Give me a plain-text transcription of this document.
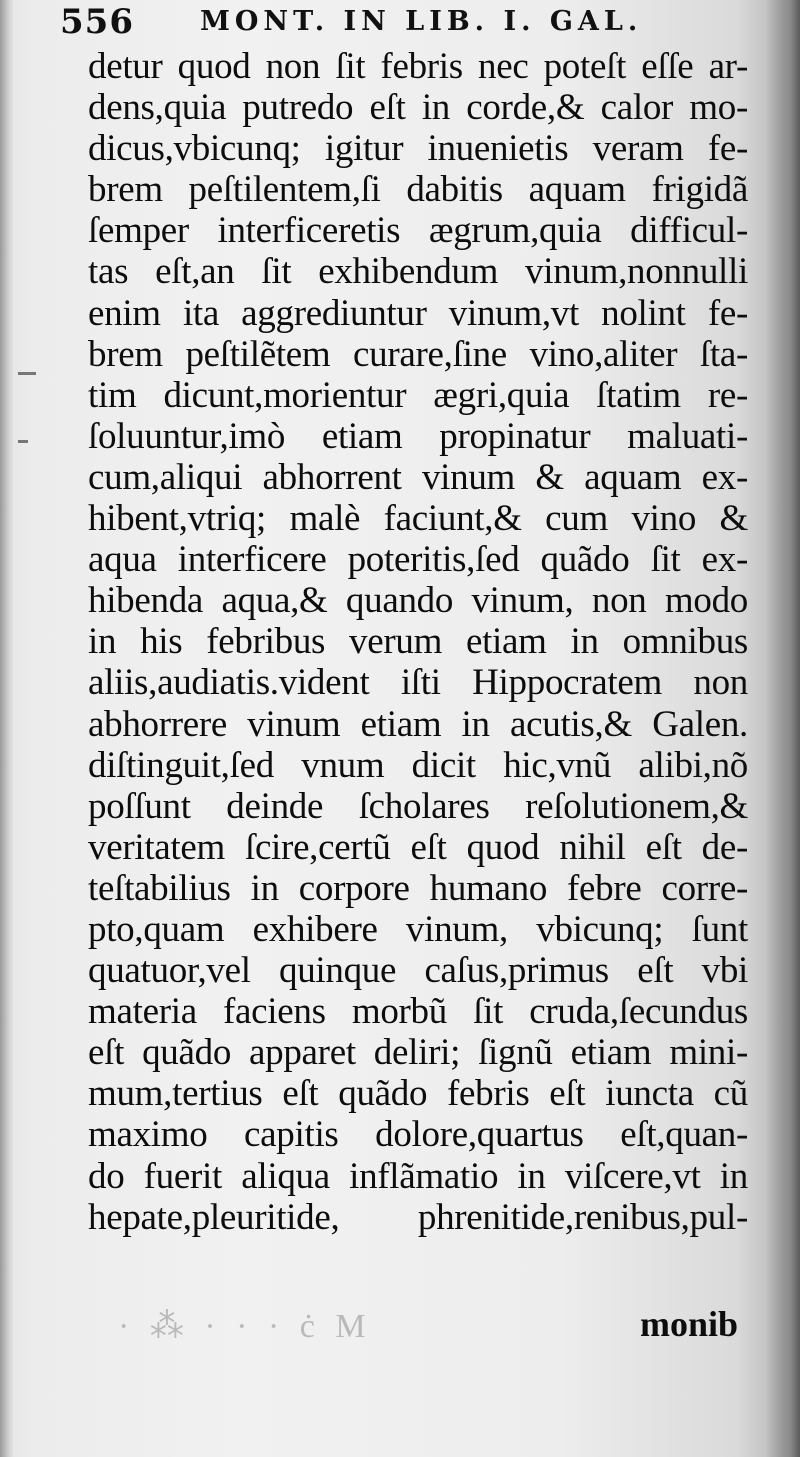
556 MONT. IN LIB. I. GAL.
detur quod non ſit febris nec poteſt eſſe ar-
dens,quia putredo eſt in corde,& calor mo-
dicus,vbicunq; igitur inuenietis veram fe-
brem peſtilentem,ſi dabitis aquam frigidã
ſemper interficeretis ægrum,quia difficul-
tas eſt,an ſit exhibendum vinum,nonnulli
enim ita aggrediuntur vinum,vt nolint fe-
brem peſtilẽtem curare,ſine vino,aliter ſta-
tim dicunt,morientur ægri,quia ſtatim re-
ſoluuntur,imò etiam propinatur maluati-
cum,aliqui abhorrent vinum & aquam ex-
hibent,vtriq; malè faciunt,& cum vino &
aqua interficere poteritis,ſed quãdo ſit ex-
hibenda aqua,& quando vinum, non modo
in his febribus verum etiam in omnibus
aliis,audiatis.vident iſti Hippocratem non
abhorrere vinum etiam in acutis,& Galen.
diſtinguit,ſed vnum dicit hic,vnũ alibi,nõ
poſſunt deinde ſcholares reſolutionem,&
veritatem ſcire,certũ eſt quod nihil eſt de-
teſtabilius in corpore humano febre corre-
pto,quam exhibere vinum, vbicunq; ſunt
quatuor,vel quinque caſus,primus eſt vbi
materia faciens morbũ ſit cruda,ſecundus
eſt quãdo apparet deliri; ſignũ etiam mini-
mum,tertius eſt quãdo febris eſt iuncta cũ
maximo capitis dolore,quartus eſt,quan-
do fuerit aliqua inflãmatio in viſcere,vt in
hepate,pleuritide, phrenitide,renibus,pul-
· ⁂ · · · ċ M	monib
